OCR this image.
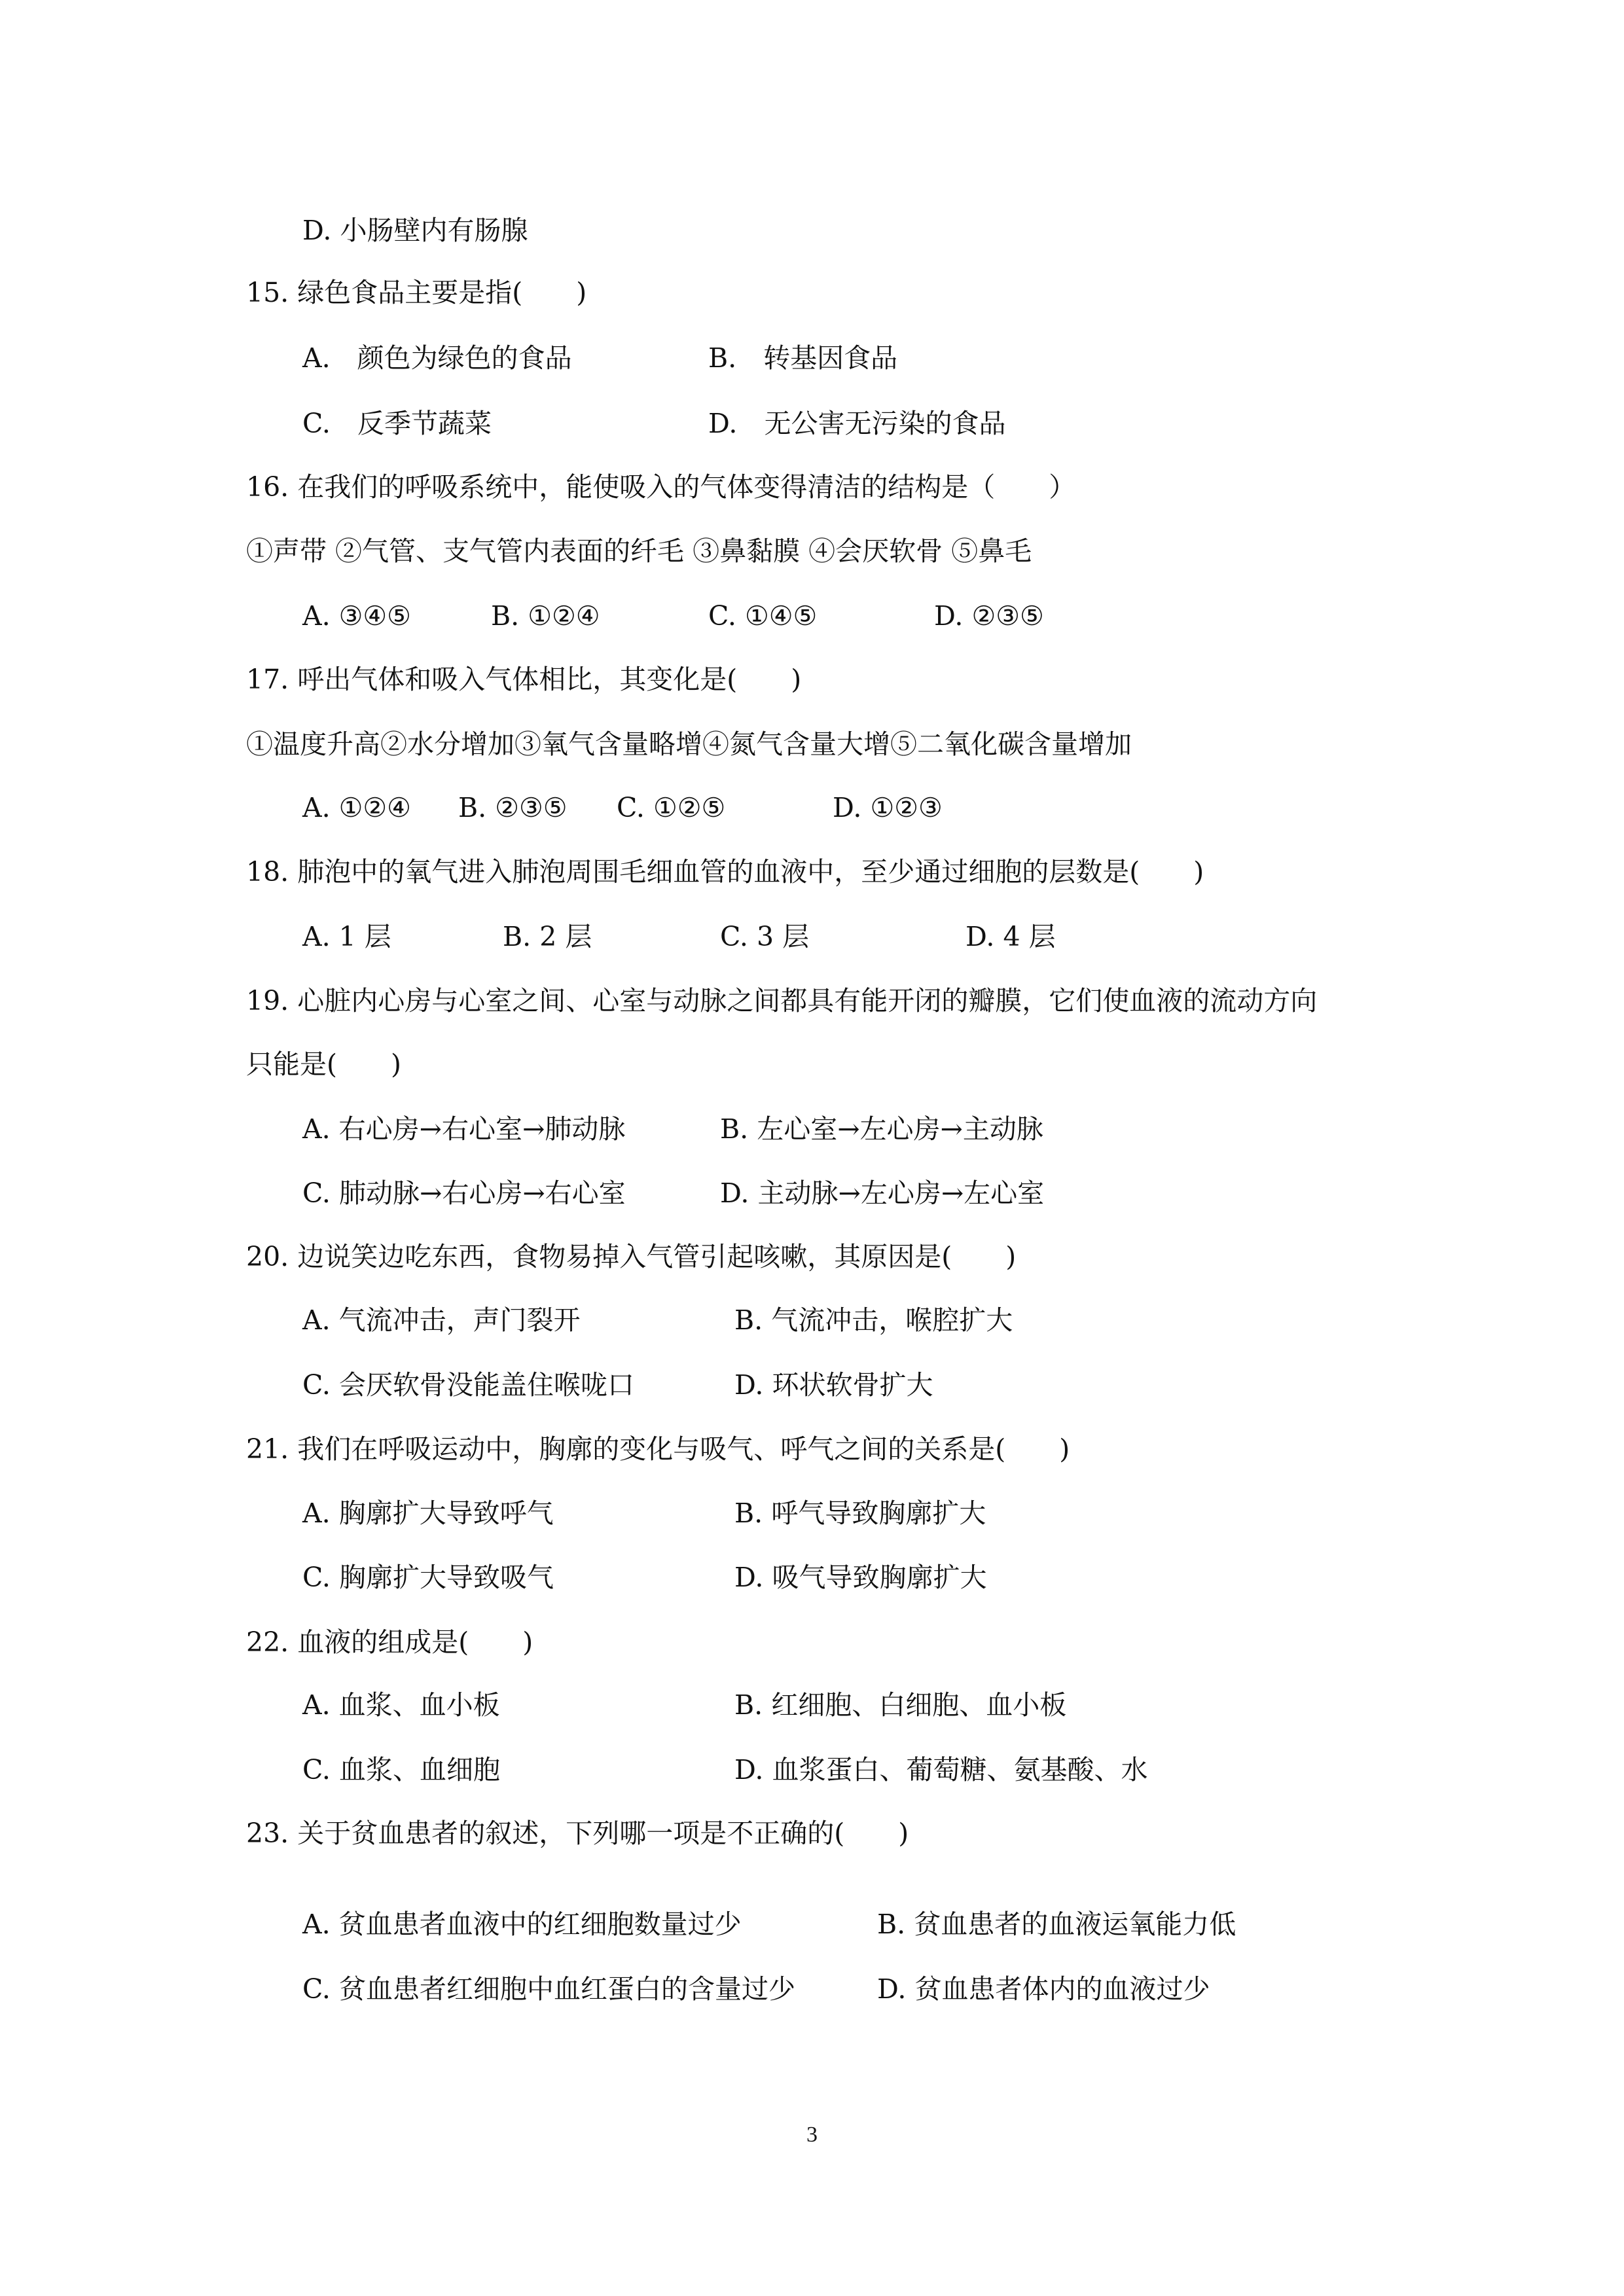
D. 小肠壁内有肠腺
15. 绿色食品主要是指(　　)
A.　颜色为绿色的食品	B.　转基因食品
C.　反季节蔬菜	D.　无公害无污染的食品
16. 在我们的呼吸系统中，能使吸入的气体变得清洁的结构是（　　）
①声带 ②气管、支气管内表面的纤毛 ③鼻黏膜 ④会厌软骨 ⑤鼻毛
A. ③④⑤	B. ①②④	C. ①④⑤	D. ②③⑤
17. 呼出气体和吸入气体相比，其变化是(　　)
①温度升高②水分增加③氧气含量略增④氮气含量大增⑤二氧化碳含量增加
A. ①②④ B. ②③⑤ C. ①②⑤	D. ①②③
18. 肺泡中的氧气进入肺泡周围毛细血管的血液中，至少通过细胞的层数是(　　)
A. 1 层	B. 2 层	C. 3 层	D. 4 层
19. 心脏内心房与心室之间、心室与动脉之间都具有能开闭的瓣膜，它们使血液的流动方向
只能是(　　)
A. 右心房→右心室→肺动脉	B. 左心室→左心房→主动脉
C. 肺动脉→右心房→右心室	D. 主动脉→左心房→左心室
20. 边说笑边吃东西，食物易掉入气管引起咳嗽，其原因是(　　)
A. 气流冲击，声门裂开	B. 气流冲击，喉腔扩大
C. 会厌软骨没能盖住喉咙口	D. 环状软骨扩大
21. 我们在呼吸运动中，胸廓的变化与吸气、呼气之间的关系是(　　)
A. 胸廓扩大导致呼气	B. 呼气导致胸廓扩大
C. 胸廓扩大导致吸气	D. 吸气导致胸廓扩大
22. 血液的组成是(　　)
A. 血浆、血小板	B. 红细胞、白细胞、血小板
C. 血浆、血细胞	D. 血浆蛋白、葡萄糖、氨基酸、水
23. 关于贫血患者的叙述，下列哪一项是不正确的(　　)
A. 贫血患者血液中的红细胞数量过少	B. 贫血患者的血液运氧能力低
C. 贫血患者红细胞中血红蛋白的含量过少	D. 贫血患者体内的血液过少
3
